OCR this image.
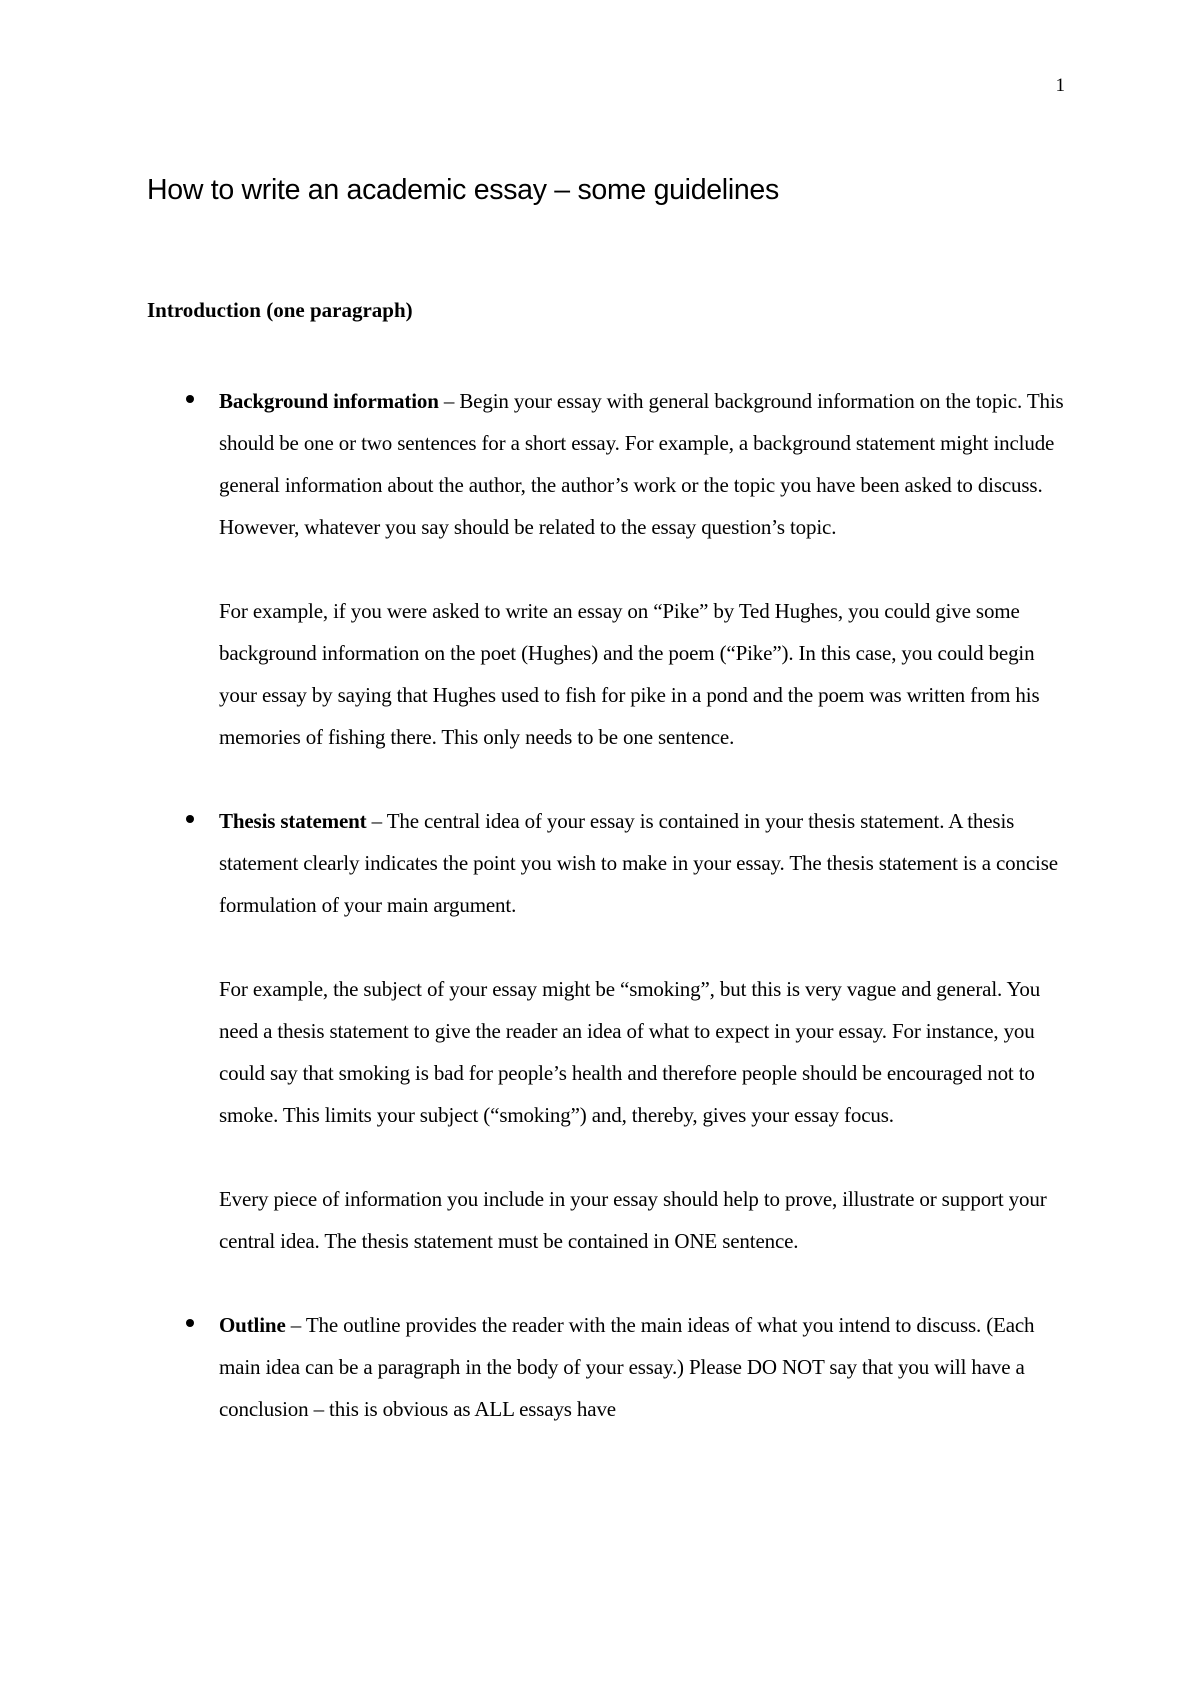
1
How to write an academic essay – some guidelines
Introduction (one paragraph)

Background information – Begin your essay with general background information on the topic. This should be one or two sentences for a short essay. For example, a background statement might include general information about the author, the author’s work or the topic you have been asked to discuss. However, whatever you say should be related to the essay question’s topic.

For example, if you were asked to write an essay on “Pike” by Ted Hughes, you could give some background information on the poet (Hughes) and the poem (“Pike”). In this case, you could begin your essay by saying that Hughes used to fish for pike in a pond and the poem was written from his memories of fishing there. This only needs to be one sentence.

Thesis statement – The central idea of your essay is contained in your thesis statement. A thesis statement clearly indicates the point you wish to make in your essay. The thesis statement is a concise formulation of your main argument.

For example, the subject of your essay might be “smoking”, but this is very vague and general. You need a thesis statement to give the reader an idea of what to expect in your essay. For instance, you could say that smoking is bad for people’s health and therefore people should be encouraged not to smoke. This limits your subject (“smoking”) and, thereby, gives your essay focus.

Every piece of information you include in your essay should help to prove, illustrate or support your central idea. The thesis statement must be contained in ONE sentence.

Outline – The outline provides the reader with the main ideas of what you intend to discuss. (Each main idea can be a paragraph in the body of your essay.) Please DO NOT say that you will have a conclusion – this is obvious as ALL essays have
